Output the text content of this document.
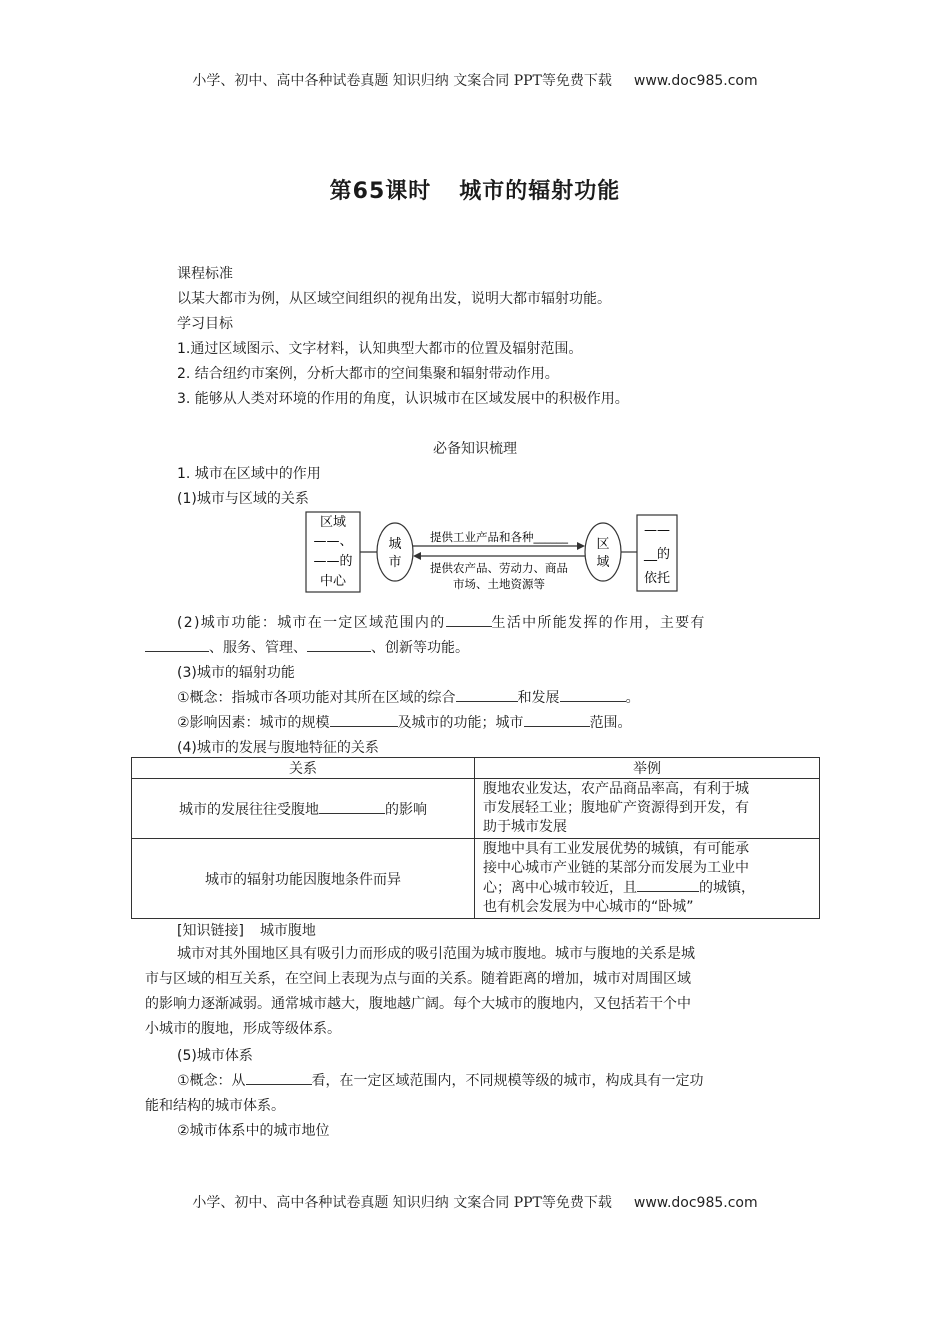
小学、初中、高中各种试卷真题 知识归纳 文案合同 PPT等免费下载 www.doc985.com
第65课时 城市的辐射功能
课程标准
以某大都市为例，从区域空间组织的视角出发，说明大都市辐射功能。
学习目标
1.通过区域图示、文字材料，认知典型大都市的位置及辐射范围。
2. 结合纽约市案例，分析大都市的空间集聚和辐射带动作用。
3. 能够从人类对环境的作用的角度，认识城市在区域发展中的积极作用。
必备知识梳理
1. 城市在区域中的作用
(1)城市与区域的关系
区域
——、
——的
中心
城
市
提供工业产品和各种______
提供农产品、劳动力、商品
市场、土地资源等
区
域
——
__的
依托
(2)城市功能：城市在一定区域范围内的	生活中所能发挥的作用，主要有
、服务、管理、	、创新等功能。
(3)城市的辐射功能
①概念：指城市各项功能对其所在区域的综合	和发展	。
②影响因素：城市的规模	及城市的功能；城市	范围。
(4)城市的发展与腹地特征的关系
关系	举例
城市的发展往往受腹地 的影响	腹地农业发达，农产品商品率高，有利于城
市发展轻工业；腹地矿产资源得到开发，有
助于城市发展

城市的辐射功能因腹地条件而异	腹地中具有工业发展优势的城镇，有可能承
接中心城市产业链的某部分而发展为工业中
心；离中心城市较近，且 的城镇，
也有机会发展为中心城市的“卧城”
[知识链接] 城市腹地
城市对其外围地区具有吸引力而形成的吸引范围为城市腹地。城市与腹地的关系是城
市与区域的相互关系，在空间上表现为点与面的关系。随着距离的增加，城市对周围区域
的影响力逐渐减弱。通常城市越大，腹地越广阔。每个大城市的腹地内，又包括若干个中
小城市的腹地，形成等级体系。
(5)城市体系
①概念：从	看，在一定区域范围内，不同规模等级的城市，构成具有一定功
能和结构的城市体系。
②城市体系中的城市地位
小学、初中、高中各种试卷真题 知识归纳 文案合同 PPT等免费下载 www.doc985.com
